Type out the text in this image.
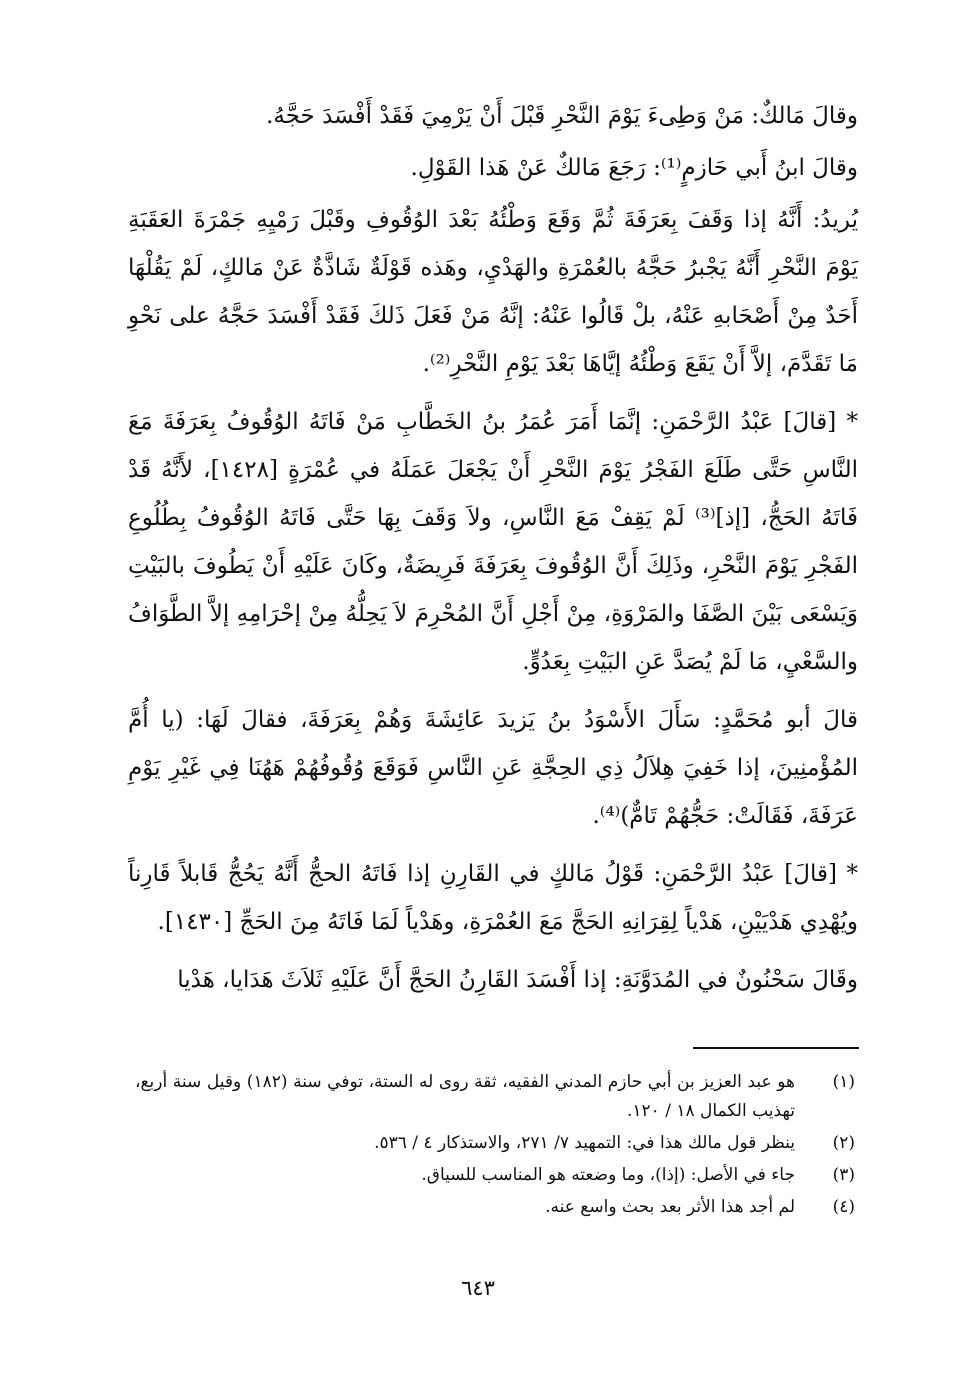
وقالَ مَالكٌ: مَنْ وَطِىءَ يَوْمَ النَّحْرِ قَبْلَ أَنْ يَرْمِيَ فَقَدْ أَفْسَدَ حَجَّهُ.

وقالَ ابنُ أَبي حَازمٍ⁽¹⁾: رَجَعَ مَالكٌ عَنْ هَذا القَوْلِ.

يُريدُ: أَنَّهُ إذا وَقَفَ بِعَرَفَةَ ثُمَّ وَقَعَ وَطْئُهُ بَعْدَ الوُقُوفِ وقَبْلَ رَمْيِهِ جَمْرَةَ العَقَبَةِ يَوْمَ النَّحْرِ أَنَّهُ يَجْبرُ حَجَّهُ بالعُمْرَةِ والهَدْيِ، وهَذه قَوْلَةٌ شَاذَّةٌ عَنْ مَالكٍ، لَمْ يَقُلْهَا أَحَدٌ مِنْ أَصْحَابهِ عَنْهُ، بلْ قَالُوا عَنْهُ: إنَّهُ مَنْ فَعَلَ ذَلكَ فَقَدْ أَفْسَدَ حَجَّهُ على نَحْوِ مَا تَقَدَّمَ، إلاَّ أَنْ يَقَعَ وَطْئُهُ إيَّاهَا بَعْدَ يَوْمِ النَّحْرِ⁽²⁾.

* [قالَ] عَبْدُ الرَّحْمَنِ: إنَّمَا أَمَرَ عُمَرُ بنُ الخَطَّابِ مَنْ فَاتَهُ الوُقُوفُ بِعَرَفَةَ مَعَ النَّاسِ حَتَّى طَلَعَ الفَجْرُ يَوْمَ النَّحْرِ أَنْ يَجْعَلَ عَمَلَهُ في عُمْرَةٍ [١٤٢٨]، لأَنَّهُ قَدْ فَاتَهُ الحَجُّ، [إذ]⁽³⁾ لَمْ يَقِفْ مَعَ النَّاسِ، ولاَ وَقَفَ بِهَا حَتَّى فَاتَهُ الوُقُوفُ بِطُلُوعِ الفَجْرِ يَوْمَ النَّحْرِ، وذَلِكَ أَنَّ الوُقُوفَ بِعَرَفَةَ فَرِيضَةٌ، وكَانَ عَلَيْهِ أَنْ يَطُوفَ بالبَيْتِ وَيَسْعَى بَيْنَ الصَّفَا والمَرْوَةِ، مِنْ أَجْلِ أَنَّ المُحْرِمَ لاَ يَحِلُّهُ مِنْ إحْرَامِهِ إلاَّ الطَّوَافُ والسَّعْيِ، مَا لَمْ يُصَدَّ عَنِ البَيْتِ بِعَدُوٍّ.

قالَ أبو مُحَمَّدٍ: سَأَلَ الأَسْوَدُ بنُ يَزيدَ عَائِشَةَ وَهُمْ بِعَرَفَةَ، فقالَ لَهَا: (يا أُمَّ المُؤْمنِينَ، إذا خَفِيَ هِلاَلُ ذِي الحِجَّةِ عَنِ النَّاسِ فَوَقَعَ وُقُوفُهُمْ هَهُنَا فِي غَيْرِ يَوْمِ عَرَفَةَ، فَقَالَتْ: حَجُّهُمْ تَامٌّ)⁽⁴⁾.

* [قالَ] عَبْدُ الرَّحْمَنِ: قَوْلُ مَالكٍ في القَارِنِ إذا فَاتَهُ الحجُّ أَنَّهُ يَحُجُّ قَابلاً قَارِناً ويُهْدِي هَدْيَيْنِ، هَدْياً لِقِرَانِهِ الحَجَّ مَعَ العُمْرَةِ، وهَدْياً لَمَا فَاتَهُ مِنَ الحَجِّ [١٤٣٠].

وقَالَ سَحْنُونٌ في المُدَوَّنَةِ: إذا أَفْسَدَ القَارِنُ الحَجَّ أَنَّ عَلَيْهِ ثَلاَثَ هَدَايا، هَدْيا

(١)
هو عبد العزيز بن أبي حازم المدني الفقيه، ثقة روى له الستة، توفي سنة (١٨٢) وقيل سنة أربع، تهذيب الكمال ١٨ / ١٢٠.
(٢)
ينظر قول مالك هذا في: التمهيد ٧/ ٢٧١، والاستذكار ٤ / ٥٣٦.
(٣)
جاء في الأصل: (إذا)، وما وضعته هو المناسب للسياق.
(٤)
لم أجد هذا الأثر بعد بحث واسع عنه.
٦٤٣
